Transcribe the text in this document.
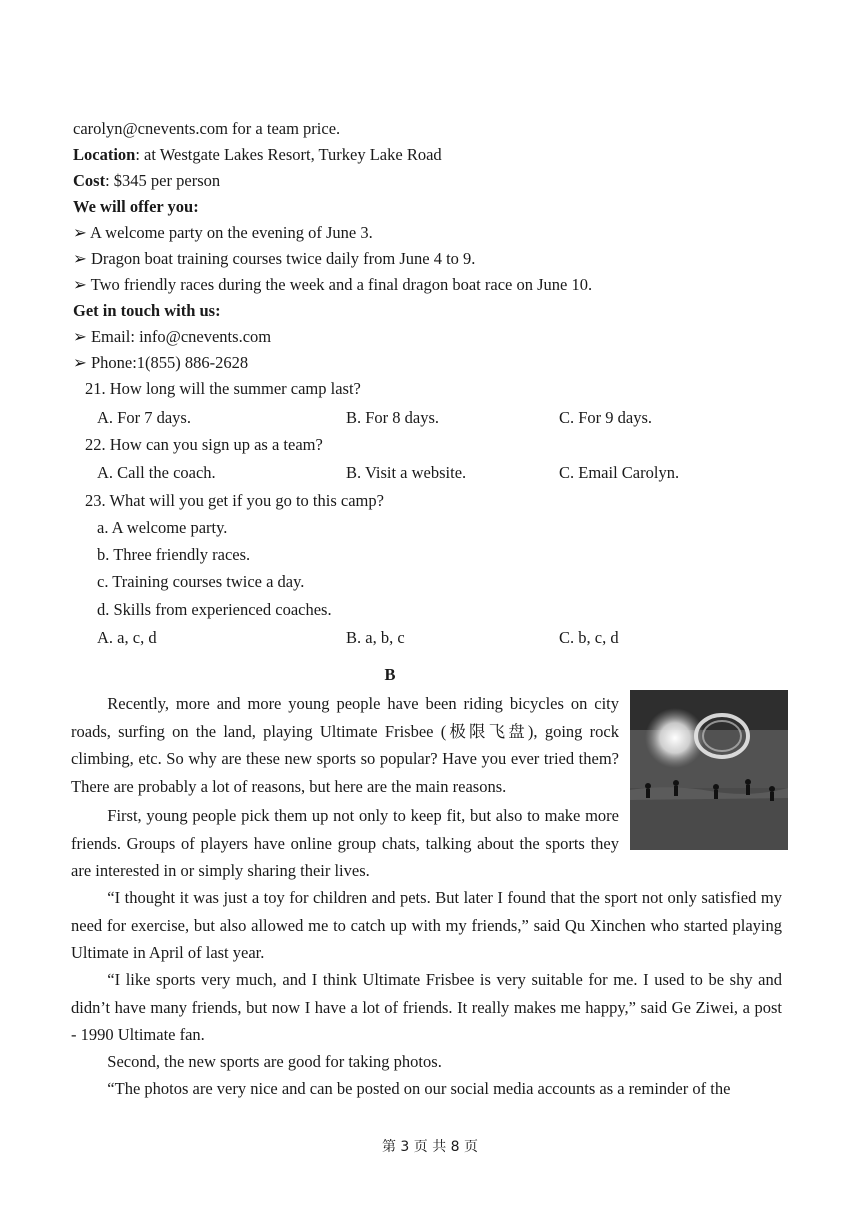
carolyn@cnevents.com for a team price.
Location: at Westgate Lakes Resort, Turkey Lake Road
Cost: $345 per person
We will offer you:
➢ A welcome party on the evening of June 3.
➢ Dragon boat training courses twice daily from June 4 to 9.
➢ Two friendly races during the week and a final dragon boat race on June 10.
Get in touch with us:
➢ Email: info@cnevents.com
➢ Phone:1(855) 886-2628
21. How long will the summer camp last?
A. For 7 days.	B. For 8 days.	C. For 9 days.
22. How can you sign up as a team?
A. Call the coach.	B. Visit a website.	C. Email Carolyn.
23. What will you get if you go to this camp?
a. A welcome party.
b. Three friendly races.
c. Training courses twice a day.
d. Skills from experienced coaches.
A. a, c, d	B. a, b, c	C. b, c, d
B

Recently, more and more young people have been riding bicycles on city roads, surfing on the land, playing Ultimate Frisbee (极限飞盘), going rock climbing, etc. So why are these new sports so popular? Have you ever tried them? There are probably a lot of reasons, but here are the main reasons.

First, young people pick them up not only to keep fit, but also to make more friends. Groups of players have online group chats, talking about the sports they are interested in or simply sharing their lives.

“I thought it was just a toy for children and pets. But later I found that the sport not only satisfied my need for exercise, but also allowed me to catch up with my friends,” said Qu Xinchen who started playing Ultimate in April of last year.

“I like sports very much, and I think Ultimate Frisbee is very suitable for me. I used to be shy and didn’t have many friends, but now I have a lot of friends. It really makes me happy,” said Ge Ziwei, a post - 1990 Ultimate fan.

Second, the new sports are good for taking photos.

“The photos are very nice and can be posted on our social media accounts as a reminder of the

第 3 页 共 8 页
